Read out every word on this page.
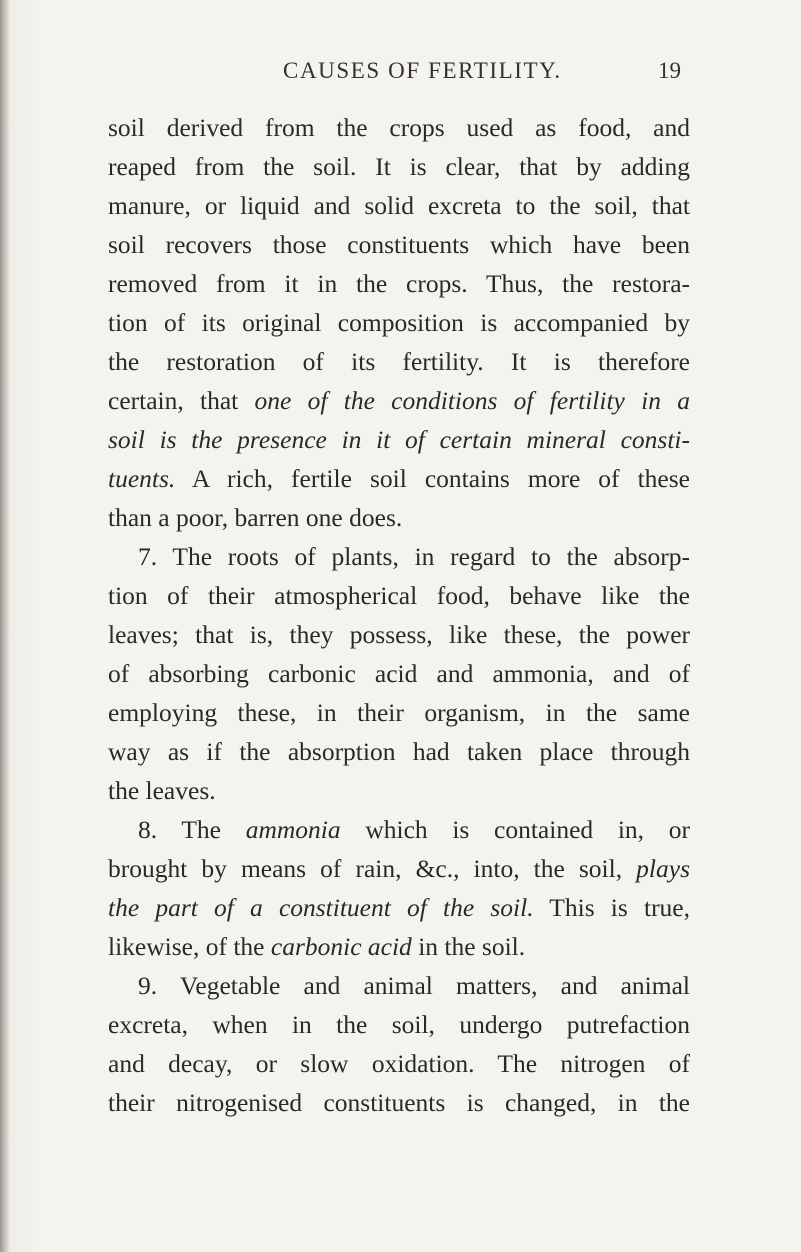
CAUSES OF FERTILITY.	19
soil derived from the crops used as food, and
reaped from the soil. It is clear, that by adding
manure, or liquid and solid excreta to the soil, that
soil recovers those constituents which have been
removed from it in the crops. Thus, the restora-
tion of its original composition is accompanied by
the restoration of its fertility. It is therefore
certain, that one of the conditions of fertility in a
soil is the presence in it of certain mineral consti-
tuents. A rich, fertile soil contains more of these
than a poor, barren one does.
7. The roots of plants, in regard to the absorp-
tion of their atmospherical food, behave like the
leaves; that is, they possess, like these, the power
of absorbing carbonic acid and ammonia, and of
employing these, in their organism, in the same
way as if the absorption had taken place through
the leaves.
8. The ammonia which is contained in, or
brought by means of rain, &c., into, the soil, plays
the part of a constituent of the soil. This is true,
likewise, of the carbonic acid in the soil.
9. Vegetable and animal matters, and animal
excreta, when in the soil, undergo putrefaction
and decay, or slow oxidation. The nitrogen of
their nitrogenised constituents is changed, in the
